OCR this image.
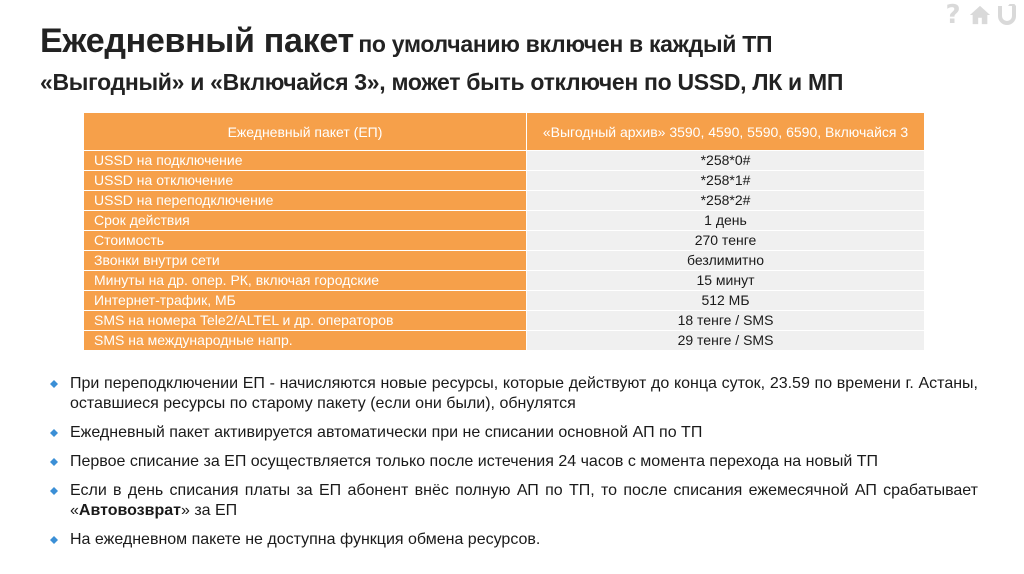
?
Ежедневный пакет по умолчанию включен в каждый ТП
«Выгодный» и «Включайся 3», может быть отключен по USSD, ЛК и МП
Ежедневный пакет (ЕП)	«Выгодный архив» 3590, 4590, 5590, 6590, Включайся 3
USSD на подключение	*258*0#
USSD на отключение	*258*1#
USSD на переподключение	*258*2#
Срок действия	1 день
Стоимость	270 тенге
Звонки внутри сети	безлимитно
Минуты на др. опер. РК, включая городские	15 минут
Интернет-трафик, МБ	512 МБ
SMS на номера Tele2/ALTEL и др. операторов	18 тенге / SMS
SMS на международные напр.	29 тенге / SMS
При переподключении ЕП - начисляются новые ресурсы, которые действуют до конца суток, 23.59 по времени г. Астаны, оставшиеся ресурсы по старому пакету (если они были), обнулятся
Ежедневный пакет активируется автоматически при не списании основной АП по ТП
Первое списание за ЕП осуществляется только после истечения 24 часов с момента перехода на новый ТП
Если в день списания платы за ЕП абонент внёс полную АП по ТП, то после списания ежемесячной АП срабатывает «Автовозврат» за ЕП
На ежедневном пакете не доступна функция обмена ресурсов.
